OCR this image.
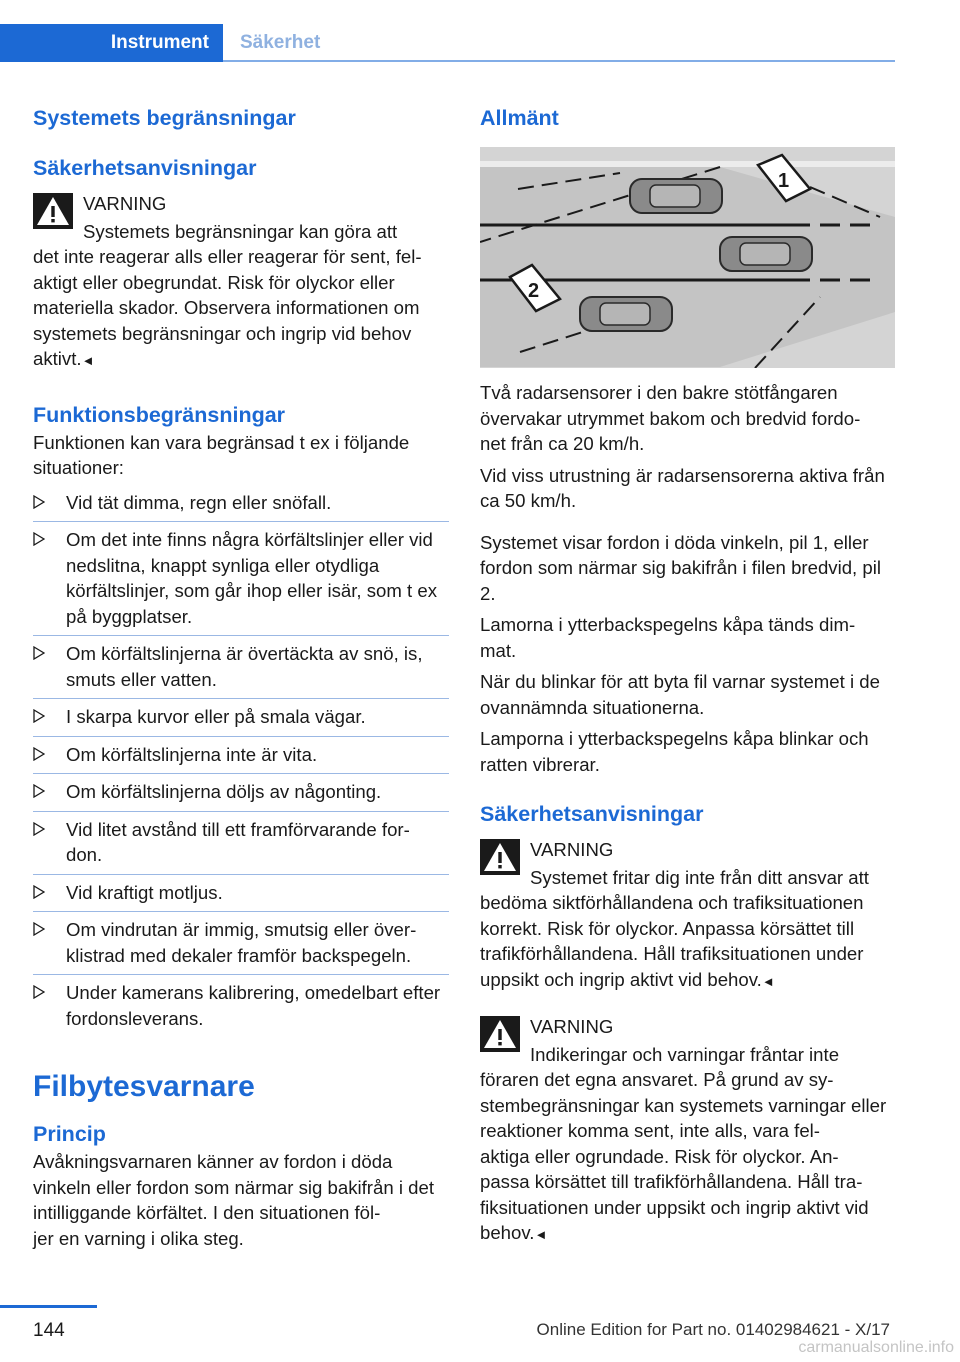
Instrument Säkerhet
Systemets begränsningar
Säkerhetsanvisningar

VARNING

Systemets begränsningar kan göra att

det inte reagerar alls eller reagerar för sent, fel-
aktigt eller obegrundat. Risk för olyckor eller
materiella skador. Observera informationen om
systemets begränsningar och ingrip vid behov
aktivt.◄

Funktionsbegränsningar

Funktionen kan vara begränsad t ex i följande situationer:

Vid tät dimma, regn eller snöfall.
Om det inte finns några körfältslinjer eller vid nedslitna, knappt synliga eller otydliga körfältslinjer, som går ihop eller isär, som t ex på byggplatser.
Om körfältslinjerna är övertäckta av snö, is, smuts eller vatten.
I skarpa kurvor eller på smala vägar.
Om körfältslinjerna inte är vita.
Om körfältslinjerna döljs av någonting.
Vid litet avstånd till ett framförvarande for-
don.
Vid kraftigt motljus.
Om vindrutan är immig, smutsig eller över-
klistrad med dekaler framför backspegeln.
Under kamerans kalibrering, omedelbart efter fordonsleverans.
Filbytesvarnare
Princip

Avåkningsvarnaren känner av fordon i döda vinkeln eller fordon som närmar sig bakifrån i det intilliggande körfältet. I den situationen föl-
jer en varning i olika steg.

Allmänt
1
2

Två radarsensorer i den bakre stötfångaren övervakar utrymmet bakom och bredvid fordo-
net från ca 20 km/h.

Vid viss utrustning är radarsensorerna aktiva från ca 50 km/h.

Systemet visar fordon i döda vinkeln, pil 1, eller fordon som närmar sig bakifrån i filen bredvid, pil 2.

Lamorna i ytterbackspegelns kåpa tänds dim-
mat.

När du blinkar för att byta fil varnar systemet i de ovannämnda situationerna.

Lamporna i ytterbackspegelns kåpa blinkar och ratten vibrerar.

Säkerhetsanvisningar

VARNING

Systemet fritar dig inte från ditt ansvar att

bedöma siktförhållandena och trafiksituationen korrekt. Risk för olyckor. Anpassa körsättet till trafikförhållandena. Håll trafiksituationen under uppsikt och ingrip aktivt vid behov.◄

VARNING

Indikeringar och varningar fråntar inte

föraren det egna ansvaret. På grund av sy-
stembegränsningar kan systemets varningar eller reaktioner komma sent, inte alls, vara fel-
aktiga eller ogrundade. Risk för olyckor. An-
passa körsättet till trafikförhållandena. Håll tra-
fiksituationen under uppsikt och ingrip aktivt vid behov.◄

144	Online Edition for Part no. 01402984621 - X/17
carmanualsonline.info
